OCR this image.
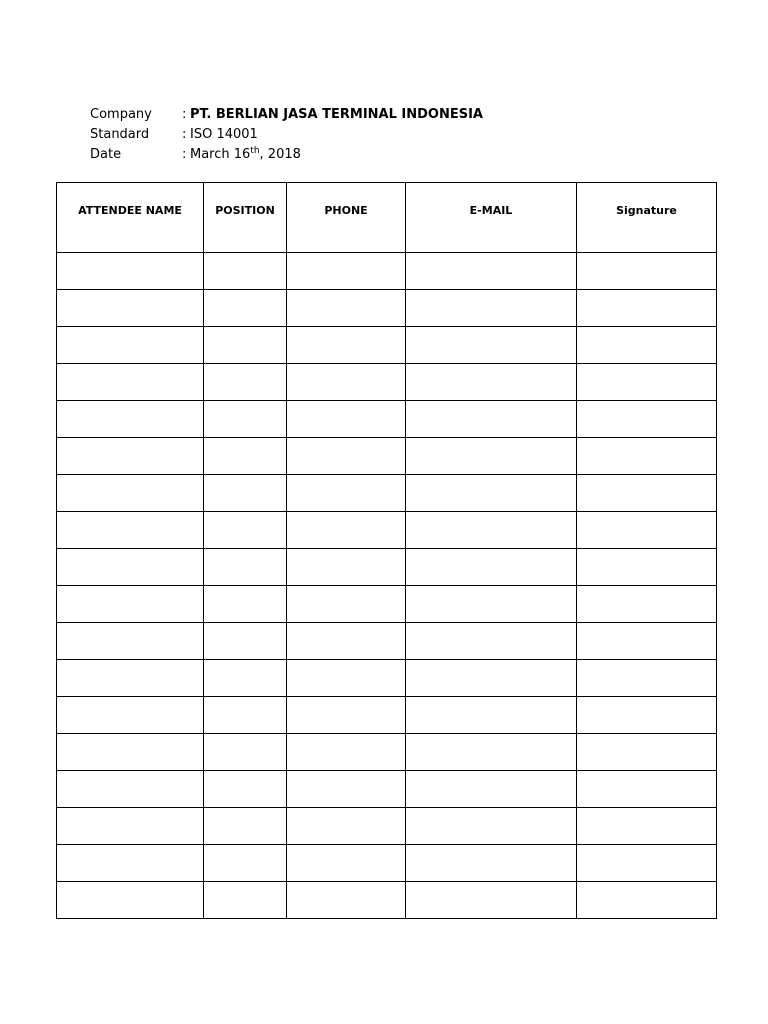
Company	: PT. BERLIAN JASA TERMINAL INDONESIA
Standard	: ISO 14001
Date	: March 16th, 2018
ATTENDEE NAME	POSITION	PHONE	E-MAIL	Signature
